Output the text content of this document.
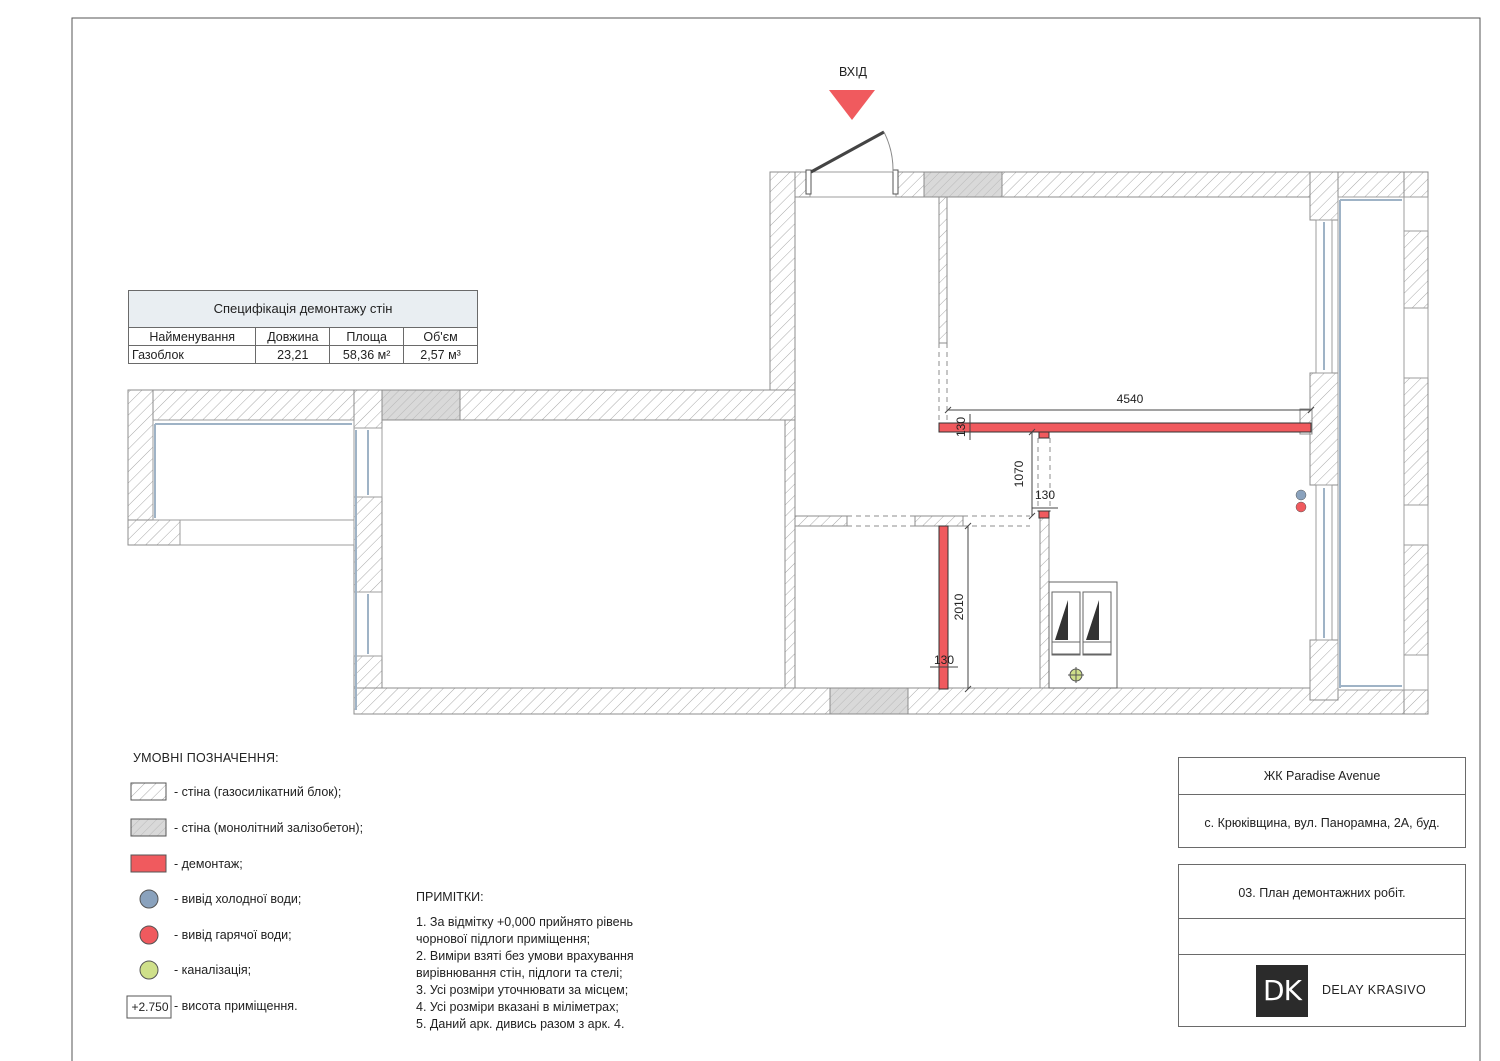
ВХІД
4540
130
1070
130
2010
130
Специфікація демонтажу стін			
Найменування	Довжина	Площа	Об'єм
Газоблок	23,21	58,36 м²	2,57 м³
УМОВНІ ПОЗНАЧЕННЯ:
- стіна (газосилікатний блок);
- стіна (монолітний залізобетон);
- демонтаж;
- вивід холодної води;
- вивід гарячої води;
- каналізація;
+2.750 - висота приміщення.
ПРИМІТКИ:
1. За відмітку +0,000 прийнято рівень
чорнової підлоги приміщення;
2. Виміри взяті без умови врахування
вирівнювання стін, підлоги та стелі;
3. Усі розміри уточнювати за місцем;
4. Усі розміри вказані в міліметрах;
5. Даний арк. дивись разом з арк. 4.
ЖК Paradise Avenue
с. Крюківщина, вул. Панорамна, 2А, буд.
03. План демонтажних робіт.
DK	DELAY KRASIVO
